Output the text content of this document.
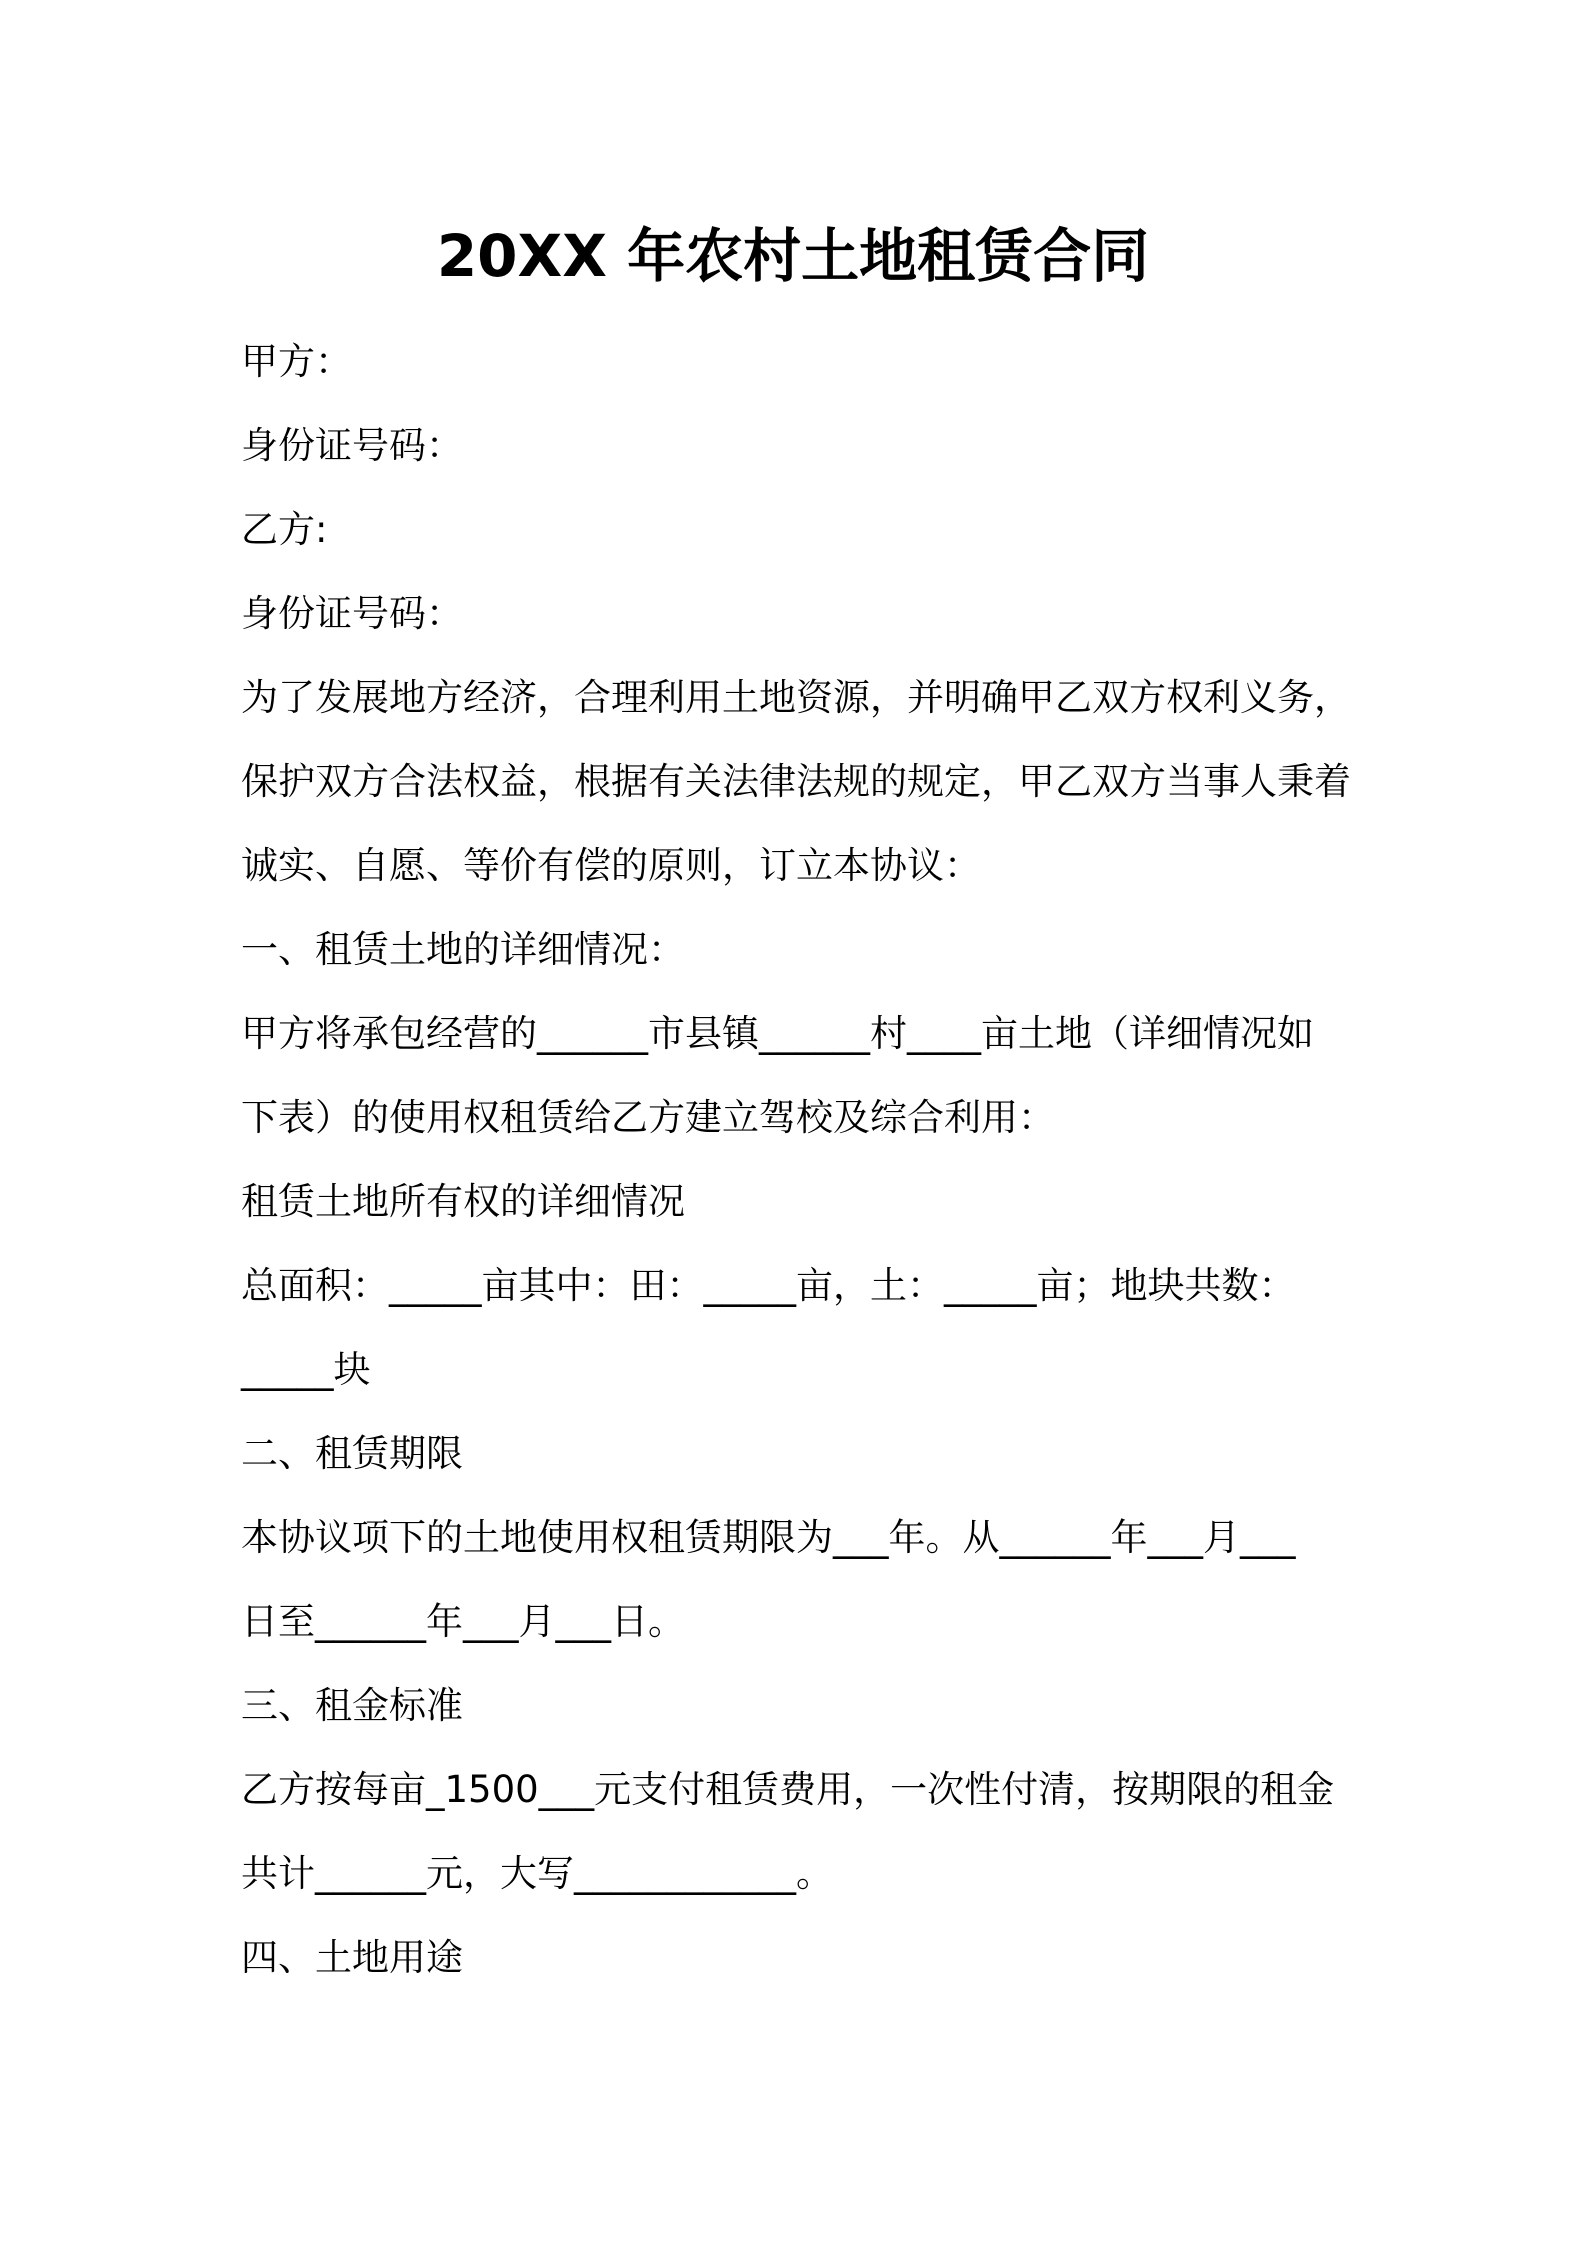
20XX 年农村土地租赁合同
甲方：
身份证号码：
乙方:
身份证号码：
为了发展地方经济，合理利用土地资源，并明确甲乙双方权利义务，
保护双方合法权益，根据有关法律法规的规定，甲乙双方当事人秉着
诚实、自愿、等价有偿的原则，订立本协议：
一、租赁土地的详细情况：
甲方将承包经营的______市县镇______村____亩土地（详细情况如
下表）的使用权租赁给乙方建立驾校及综合利用：
租赁土地所有权的详细情况
总面积：_____亩其中：田：_____亩，土：_____亩；地块共数：
_____块
二、租赁期限
本协议项下的土地使用权租赁期限为___年。从______年___月___
日至______年___月___日。
三、租金标准
乙方按每亩_1500___元支付租赁费用，一次性付清，按期限的租金
共计______元，大写____________。
四、土地用途
